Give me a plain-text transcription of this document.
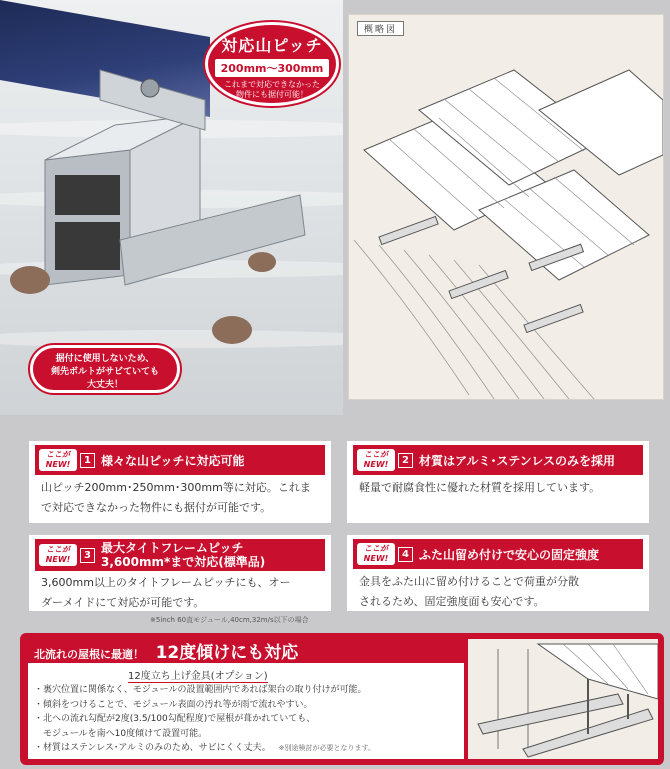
対応山ピッチ
200mm〜300mm
これまで対応できなかった
物件にも据付可能！
据付に使用しないため、
剣先ボルトがサビていても
大丈夫！
概略図
ここが
NEW!	1 様々な山ピッチに対応可能
山ピッチ200mm･250mm･300mm等に対応。これま
で対応できなかった物件にも据付が可能です。
ここが
NEW!	2 材質はアルミ･ステンレスのみを採用
軽量で耐腐食性に優れた材質を採用しています。
ここが
NEW!	3 最大タイトフレームピッチ
3,600mm*まで対応(標準品)
3,600mm以上のタイトフレームピッチにも、オー
ダーメイドにて対応が可能です。
ここが
NEW!	4 ふた山留め付けで安心の固定強度
金具をふた山に留め付けることで荷重が分散
されるため、固定強度面も安心です。
※5inch 60直モジュール,40cm,32m/s以下の場合
北流れの屋根に最適！ 12度傾けにも対応
12度立ち上げ金具(オプション)
・裏穴位置に関係なく、モジュールの設置範囲内であれば架台の取り付けが可能。
・傾斜をつけることで、モジュール表面の汚れ等が雨で流れやすい。
・北への流れ勾配が2度(3.5/100勾配程度)で屋根が葺かれていても、
　モジュールを南へ10度傾けて設置可能。
・材質はステンレス･アルミのみのため、サビにくく丈夫。 ※別途検討が必要となります。
